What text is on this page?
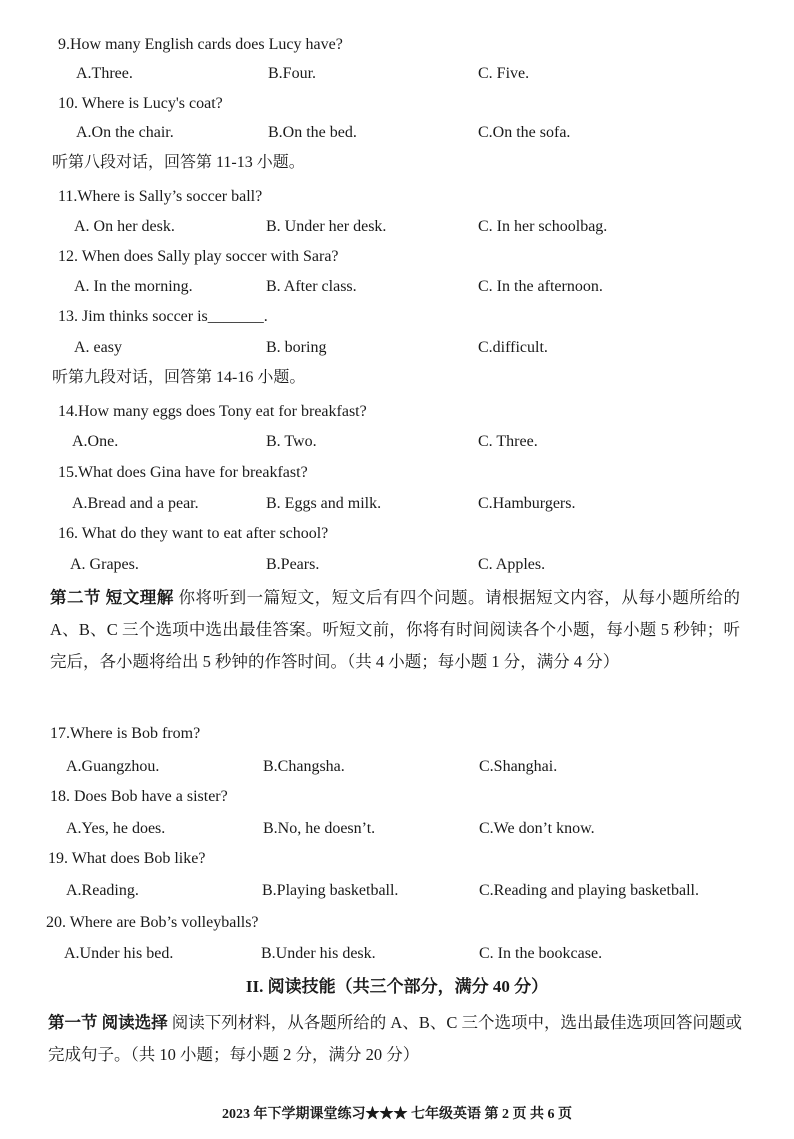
9.How many English cards does Lucy have?
A.Three.	B.Four.	C. Five.
10. Where is Lucy's coat?
A.On the chair.	B.On the bed.	C.On the sofa.
听第八段对话，回答第 11-13 小题。
11.Where is Sally’s soccer ball?
A. On her desk.	B. Under her desk.	C. In her schoolbag.
12. When does Sally play soccer with Sara?
A. In the morning.	B. After class.	C. In the afternoon.
13. Jim thinks soccer is_______.
A. easy	B. boring	C.difficult.
听第九段对话，回答第 14-16 小题。
14.How many eggs does Tony eat for breakfast?
A.One.	B. Two.	C. Three.
15.What does Gina have for breakfast?
A.Bread and a pear.	B. Eggs and milk.	C.Hamburgers.
16. What do they want to eat after school?
A. Grapes.	B.Pears.	C. Apples.
第二节 短文理解 你将听到一篇短文，短文后有四个问题。请根据短文内容，从每小题所给的 A、B、C 三个选项中选出最佳答案。听短文前，你将有时间阅读各个小题，每小题 5 秒钟；听完后，各小题将给出 5 秒钟的作答时间。（共 4 小题；每小题 1 分，满分 4 分）
17.Where is Bob from?
A.Guangzhou.	B.Changsha.	C.Shanghai.
18. Does Bob have a sister?
A.Yes, he does.	B.No, he doesn’t.	C.We don’t know.
19. What does Bob like?
A.Reading.	B.Playing basketball.	C.Reading and playing basketball.
20. Where are Bob’s volleyballs?
A.Under his bed.	B.Under his desk.	C. In the bookcase.
II. 阅读技能（共三个部分，满分 40 分）
第一节 阅读选择 阅读下列材料，从各题所给的 A、B、C 三个选项中，选出最佳选项回答问题或完成句子。（共 10 小题；每小题 2 分，满分 20 分）
2023 年下学期课堂练习★★★ 七年级英语 第 2 页 共 6 页
